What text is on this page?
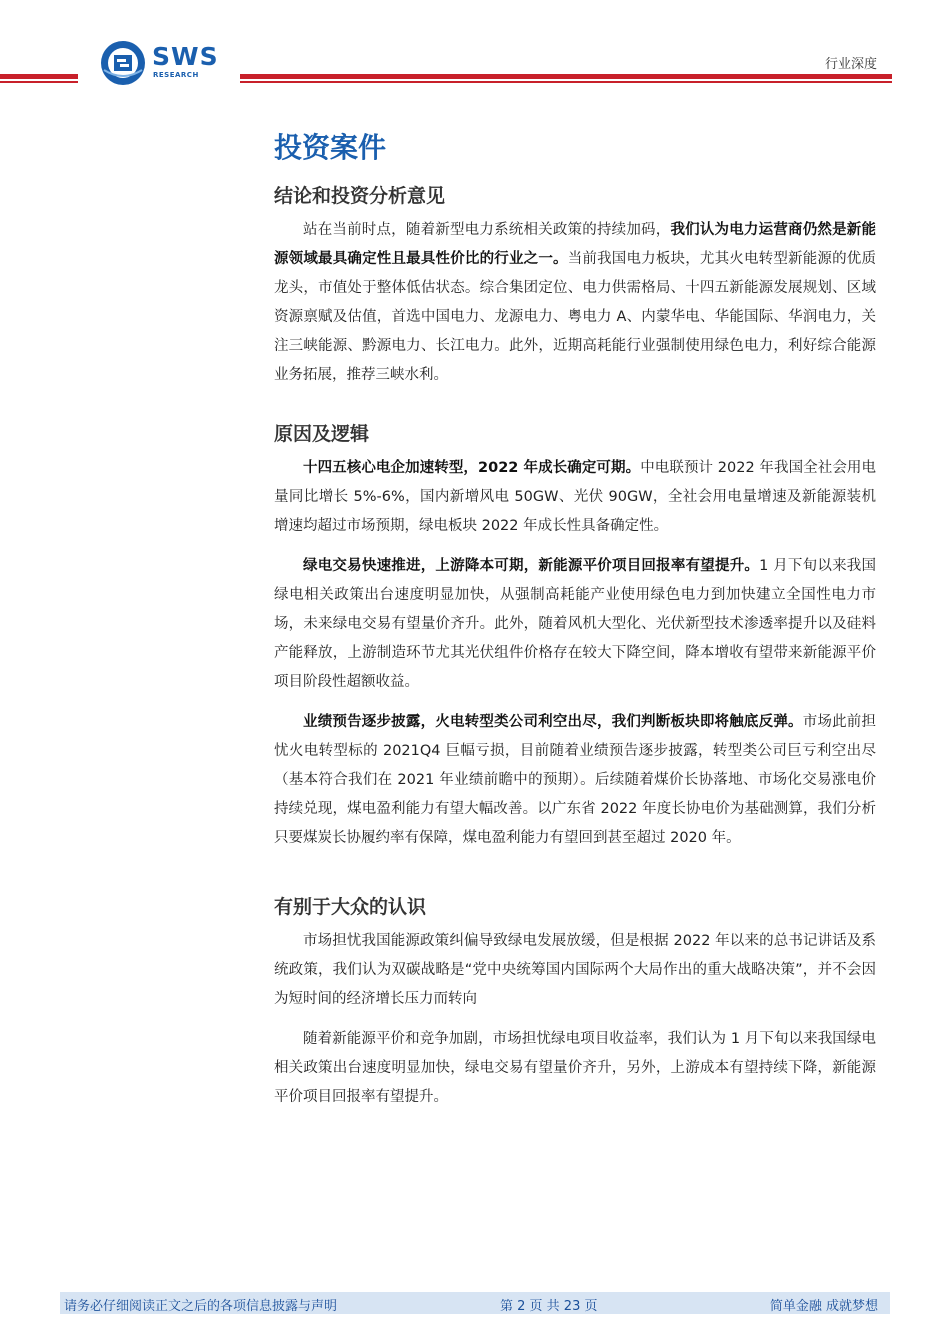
SWS
RESEARCH
行业深度
投资案件
结论和投资分析意见

站在当前时点，随着新型电力系统相关政策的持续加码，我们认为电力运营商仍然是新能源领域最具确定性且最具性价比的行业之一。当前我国电力板块，尤其火电转型新能源的优质龙头，市值处于整体低估状态。综合集团定位、电力供需格局、十四五新能源发展规划、区域资源禀赋及估值，首选中国电力、龙源电力、粤电力 A、内蒙华电、华能国际、华润电力，关注三峡能源、黔源电力、长江电力。此外，近期高耗能行业强制使用绿色电力，利好综合能源业务拓展，推荐三峡水利。

原因及逻辑

十四五核心电企加速转型，2022 年成长确定可期。中电联预计 2022 年我国全社会用电量同比增长 5%-6%，国内新增风电 50GW、光伏 90GW，全社会用电量增速及新能源装机增速均超过市场预期，绿电板块 2022 年成长性具备确定性。

绿电交易快速推进，上游降本可期，新能源平价项目回报率有望提升。1 月下旬以来我国绿电相关政策出台速度明显加快，从强制高耗能产业使用绿色电力到加快建立全国性电力市场，未来绿电交易有望量价齐升。此外，随着风机大型化、光伏新型技术渗透率提升以及硅料产能释放，上游制造环节尤其光伏组件价格存在较大下降空间，降本增收有望带来新能源平价项目阶段性超额收益。

业绩预告逐步披露，火电转型类公司利空出尽，我们判断板块即将触底反弹。市场此前担忧火电转型标的 2021Q4 巨幅亏损，目前随着业绩预告逐步披露，转型类公司巨亏利空出尽（基本符合我们在 2021 年业绩前瞻中的预期）。后续随着煤价长协落地、市场化交易涨电价持续兑现，煤电盈利能力有望大幅改善。以广东省 2022 年度长协电价为基础测算，我们分析只要煤炭长协履约率有保障，煤电盈利能力有望回到甚至超过 2020 年。

有别于大众的认识

市场担忧我国能源政策纠偏导致绿电发展放缓，但是根据 2022 年以来的总书记讲话及系统政策，我们认为双碳战略是“党中央统筹国内国际两个大局作出的重大战略决策”，并不会因为短时间的经济增长压力而转向

随着新能源平价和竞争加剧，市场担忧绿电项目收益率，我们认为 1 月下旬以来我国绿电相关政策出台速度明显加快，绿电交易有望量价齐升，另外，上游成本有望持续下降，新能源平价项目回报率有望提升。

请务必仔细阅读正文之后的各项信息披露与声明	第 2 页 共 23 页	简单金融 成就梦想
